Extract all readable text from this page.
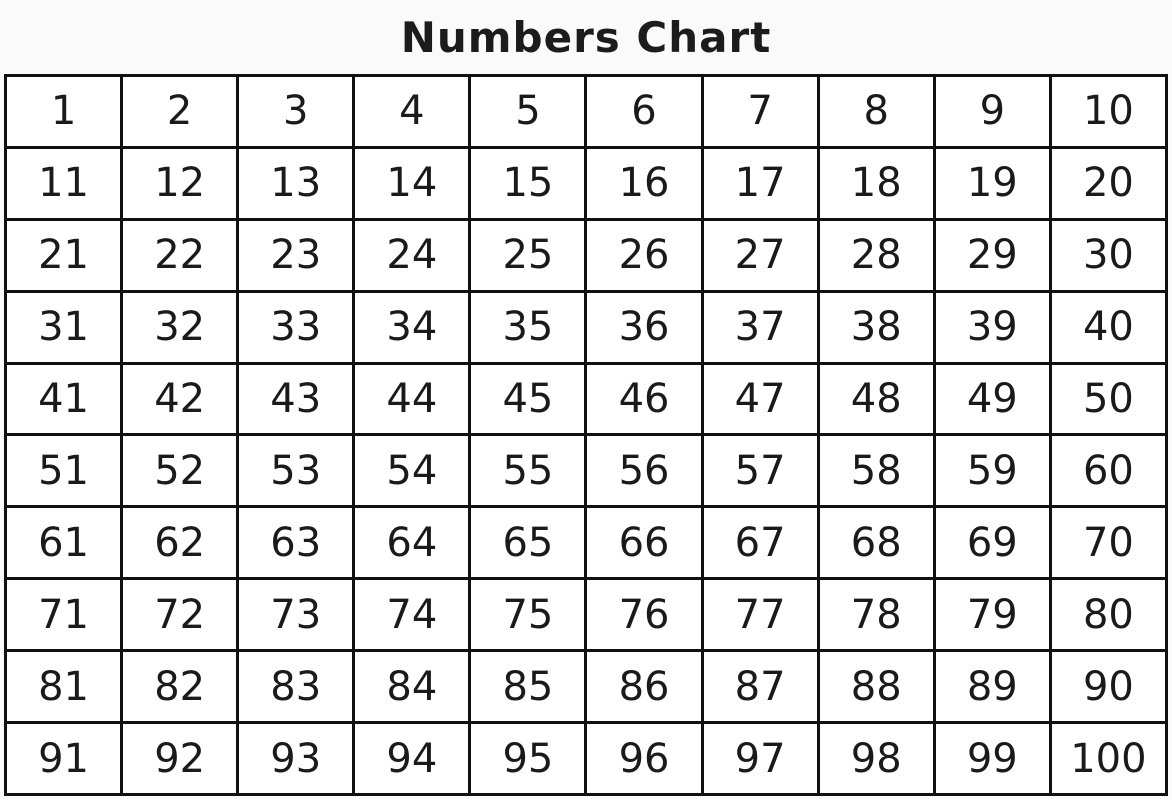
Numbers Chart
1	2	3	4	5	6	7	8	9	10
11	12	13	14	15	16	17	18	19	20
21	22	23	24	25	26	27	28	29	30
31	32	33	34	35	36	37	38	39	40
41	42	43	44	45	46	47	48	49	50
51	52	53	54	55	56	57	58	59	60
61	62	63	64	65	66	67	68	69	70
71	72	73	74	75	76	77	78	79	80
81	82	83	84	85	86	87	88	89	90
91	92	93	94	95	96	97	98	99	100
